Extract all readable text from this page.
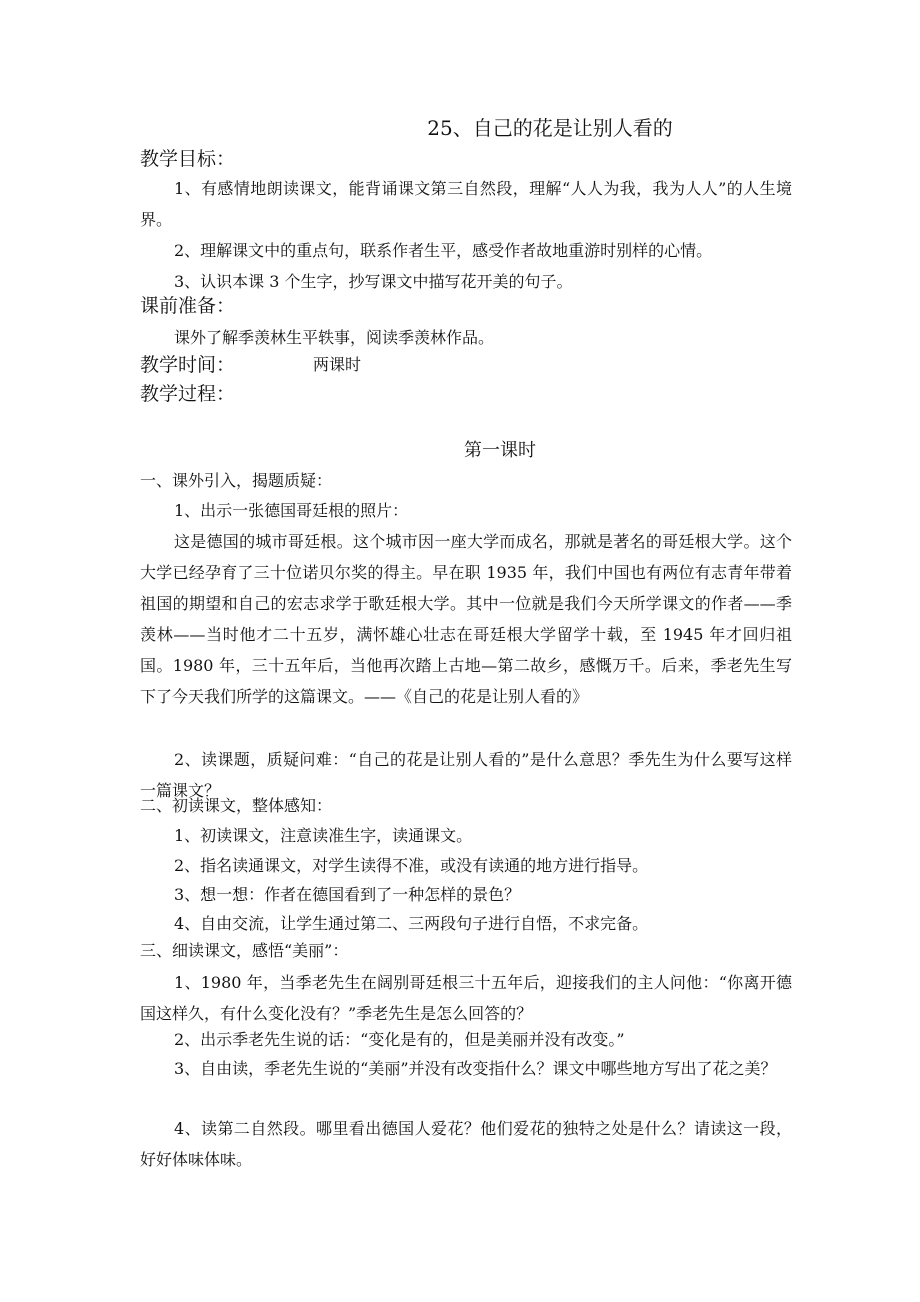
25、自己的花是让别人看的
教学目标：
1、有感情地朗读课文，能背诵课文第三自然段，理解“人人为我，我为人人”的人生境界。
2、理解课文中的重点句，联系作者生平，感受作者故地重游时别样的心情。
3、认识本课 3 个生字，抄写课文中描写花开美的句子。
课前准备：
课外了解季羡林生平轶事，阅读季羡林作品。
教学时间：	两课时
教学过程：
第一课时
一、课外引入，揭题质疑：
1、出示一张德国哥廷根的照片：
这是德国的城市哥廷根。这个城市因一座大学而成名，那就是著名的哥廷根大学。这个大学已经孕育了三十位诺贝尔奖的得主。早在职 1935 年，我们中国也有两位有志青年带着祖国的期望和自己的宏志求学于歌廷根大学。其中一位就是我们今天所学课文的作者——季羡林——当时他才二十五岁，满怀雄心壮志在哥廷根大学留学十载，至 1945 年才回归祖国。1980 年，三十五年后，当他再次踏上古地—第二故乡，感慨万千。后来，季老先生写下了今天我们所学的这篇课文。——《自己的花是让别人看的》
2、读课题，质疑问难：“自己的花是让别人看的”是什么意思？季先生为什么要写这样一篇课文？
二、初读课文，整体感知：
1、初读课文，注意读准生字，读通课文。
2、指名读通课文，对学生读得不准，或没有读通的地方进行指导。
3、想一想：作者在德国看到了一种怎样的景色？
4、自由交流，让学生通过第二、三两段句子进行自悟，不求完备。
三、细读课文，感悟“美丽”：
1、1980 年，当季老先生在阔别哥廷根三十五年后，迎接我们的主人问他：“你离开德国这样久，有什么变化没有？”季老先生是怎么回答的？
2、出示季老先生说的话：“变化是有的，但是美丽并没有改变。”
3、自由读，季老先生说的“美丽”并没有改变指什么？课文中哪些地方写出了花之美？
4、读第二自然段。哪里看出德国人爱花？他们爱花的独特之处是什么？请读这一段，好好体味体味。
